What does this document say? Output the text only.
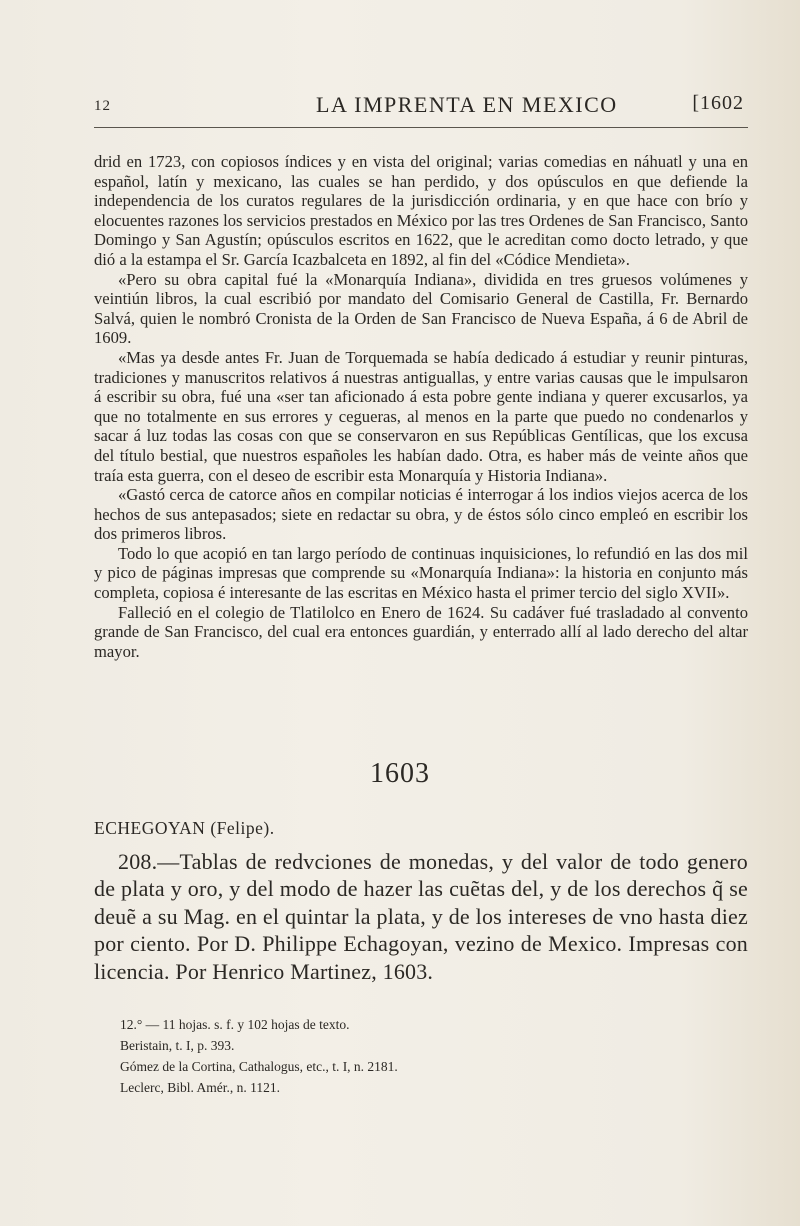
12	LA IMPRENTA EN MEXICO	[1602

drid en 1723, con copiosos índices y en vista del original; varias comedias en náhuatl y una en español, latín y mexicano, las cuales se han perdido, y dos opúsculos en que defiende la independencia de los curatos regulares de la jurisdicción ordinaria, y en que hace con brío y elocuentes razones los servicios prestados en México por las tres Ordenes de San Francisco, Santo Domingo y San Agustín; opúsculos escritos en 1622, que le acreditan como docto letrado, y que dió a la estampa el Sr. García Icazbalceta en 1892, al fin del «Códice Mendieta».

«Pero su obra capital fué la «Monarquía Indiana», dividida en tres gruesos volúmenes y veintiún libros, la cual escribió por mandato del Comisario General de Castilla, Fr. Bernardo Salvá, quien le nombró Cronista de la Orden de San Francisco de Nueva España, á 6 de Abril de 1609.

«Mas ya desde antes Fr. Juan de Torquemada se había dedicado á estudiar y reunir pinturas, tradiciones y manuscritos relativos á nuestras antiguallas, y entre varias causas que le impulsaron á escribir su obra, fué una «ser tan aficionado á esta pobre gente indiana y querer excusarlos, ya que no totalmente en sus errores y cegueras, al menos en la parte que puedo no condenarlos y sacar á luz todas las cosas con que se conservaron en sus Repúblicas Gentílicas, que los excusa del título bestial, que nuestros españoles les habían dado. Otra, es haber más de veinte años que traía esta guerra, con el deseo de escribir esta Monarquía y Historia Indiana».

«Gastó cerca de catorce años en compilar noticias é interrogar á los indios viejos acerca de los hechos de sus antepasados; siete en redactar su obra, y de éstos sólo cinco empleó en escribir los dos primeros libros.

Todo lo que acopió en tan largo período de continuas inquisiciones, lo refundió en las dos mil y pico de páginas impresas que comprende su «Monarquía Indiana»: la historia en conjunto más completa, copiosa é interesante de las escritas en México hasta el primer tercio del siglo XVII».

Falleció en el colegio de Tlatilolco en Enero de 1624. Su cadáver fué trasladado al convento grande de San Francisco, del cual era entonces guardián, y enterrado allí al lado derecho del altar mayor.

1603
ECHEGOYAN (Felipe).
208.—Tablas de redvciones de monedas, y del valor de todo genero de plata y oro, y del modo de hazer las cuẽtas del, y de los derechos q̃ se deuẽ a su Mag. en el quintar la plata, y de los intereses de vno hasta diez por ciento. Por D. Philippe Echagoyan, vezino de Mexico. Impresas con licencia. Por Henrico Martinez, 1603.
12.° — 11 hojas. s. f. y 102 hojas de texto.
Beristain, t. I, p. 393.
Gómez de la Cortina, Cathalogus, etc., t. I, n. 2181.
Leclerc, Bibl. Amér., n. 1121.
